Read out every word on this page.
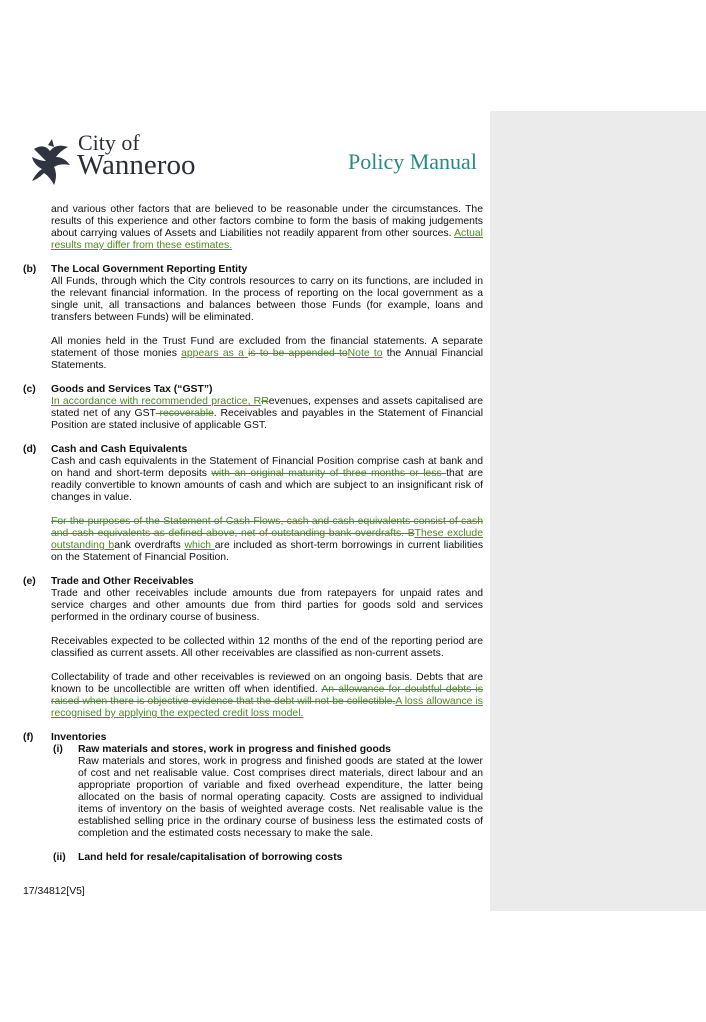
City of
Wanneroo	Policy Manual
and various other factors that are believed to be reasonable under the circumstances. The results of this experience and other factors combine to form the basis of making judgements about carrying values of Assets and Liabilities not readily apparent from other sources. Actual results may differ from these estimates.
(b) The Local Government Reporting Entity
All Funds, through which the City controls resources to carry on its functions, are included in the relevant financial information. In the process of reporting on the local government as a single unit, all transactions and balances between those Funds (for example, loans and transfers between Funds) will be eliminated.
All monies held in the Trust Fund are excluded from the financial statements. A separate statement of those monies appears as a is to be appended toNote to the Annual Financial Statements.
(c) Goods and Services Tax (“GST”)
In accordance with recommended practice, RRevenues, expenses and assets capitalised are stated net of any GST recoverable. Receivables and payables in the Statement of Financial Position are stated inclusive of applicable GST.
(d) Cash and Cash Equivalents
Cash and cash equivalents in the Statement of Financial Position comprise cash at bank and on hand and short-term deposits with an original maturity of three months or less that are readily convertible to known amounts of cash and which are subject to an insignificant risk of changes in value.
For the purposes of the Statement of Cash Flows, cash and cash equivalents consist of cash and cash equivalents as defined above, net of outstanding bank overdrafts. BThese exclude outstanding bank overdrafts which are included as short-term borrowings in current liabilities on the Statement of Financial Position.
(e) Trade and Other Receivables
Trade and other receivables include amounts due from ratepayers for unpaid rates and service charges and other amounts due from third parties for goods sold and services performed in the ordinary course of business.
Receivables expected to be collected within 12 months of the end of the reporting period are classified as current assets. All other receivables are classified as non-current assets.
Collectability of trade and other receivables is reviewed on an ongoing basis. Debts that are known to be uncollectible are written off when identified. An allowance for doubtful debts is raised when there is objective evidence that the debt will not be collectible.A loss allowance is recognised by applying the expected credit loss model.
(f) Inventories
(i) Raw materials and stores, work in progress and finished goods
Raw materials and stores, work in progress and finished goods are stated at the lower of cost and net realisable value. Cost comprises direct materials, direct labour and an appropriate proportion of variable and fixed overhead expenditure, the latter being allocated on the basis of normal operating capacity. Costs are assigned to individual items of inventory on the basis of weighted average costs. Net realisable value is the established selling price in the ordinary course of business less the estimated costs of completion and the estimated costs necessary to make the sale.
(ii) Land held for resale/capitalisation of borrowing costs
17/34812[V5]
